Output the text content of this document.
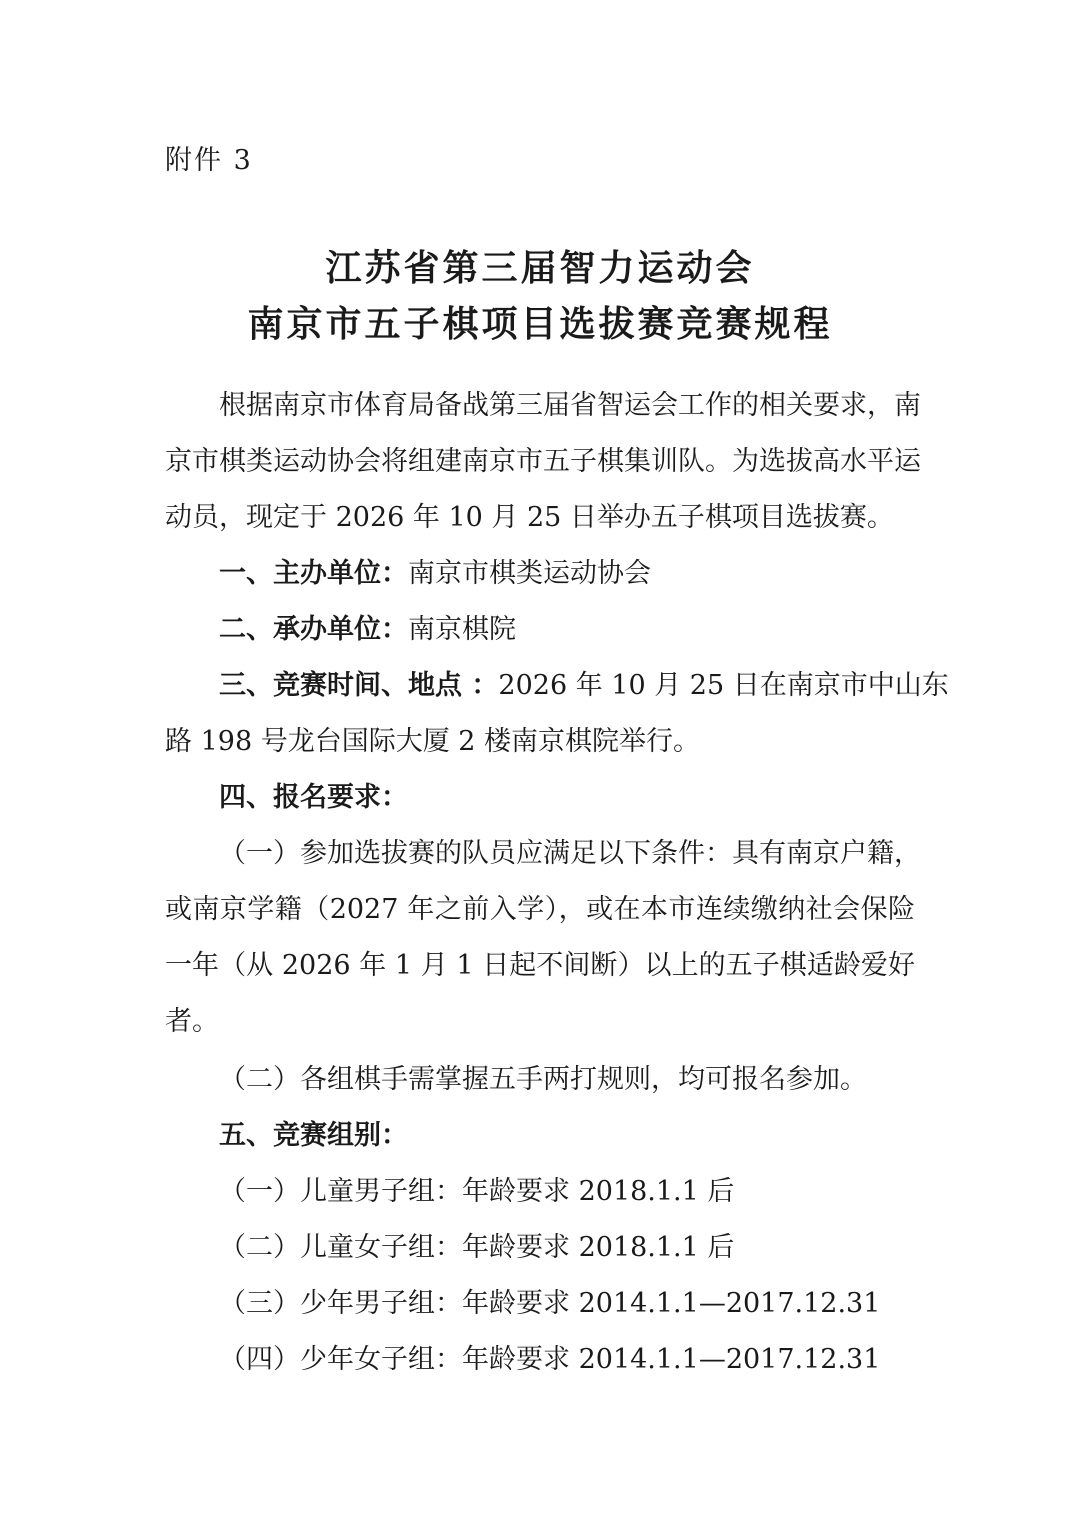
附件 3
江苏省第三届智力运动会
南京市五子棋项目选拔赛竞赛规程
根据南京市体育局备战第三届省智运会工作的相关要求，南
京市棋类运动协会将组建南京市五子棋集训队。为选拔高水平运
动员，现定于 2026 年 10 月 25 日举办五子棋项目选拔赛。
一、主办单位：南京市棋类运动协会
二、承办单位：南京棋院
三、竞赛时间、地点 ：2026 年 10 月 25 日在南京市中山东
路 198 号龙台国际大厦 2 楼南京棋院举行。
四、报名要求：
（一）参加选拔赛的队员应满足以下条件：具有南京户籍，
或南京学籍（2027 年之前入学），或在本市连续缴纳社会保险
一年（从 2026 年 1 月 1 日起不间断）以上的五子棋适龄爱好
者。
（二）各组棋手需掌握五手两打规则，均可报名参加。
五、竞赛组别：
（一）儿童男子组：年龄要求 2018.1.1 后
（二）儿童女子组：年龄要求 2018.1.1 后
（三）少年男子组：年龄要求 2014.1.1—2017.12.31
（四）少年女子组：年龄要求 2014.1.1—2017.12.31
